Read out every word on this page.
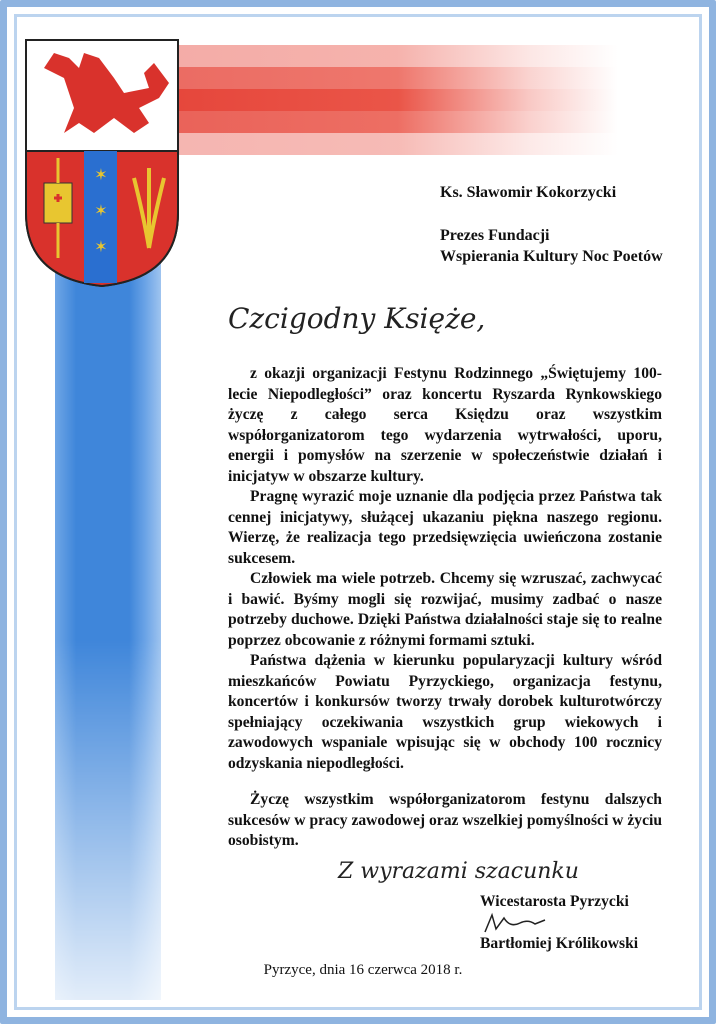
✶
✶
✶
Ks. Sławomir Kokorzycki
Prezes Fundacji
Wspierania Kultury Noc Poetów
Czcigodny Księże,

z okazji organizacji Festynu Rodzinnego „Świętujemy 100-lecie Niepodległości” oraz koncertu Ryszarda Rynkowskiego życzę z całego serca Księdzu oraz wszystkim współorganizatorom tego wydarzenia wytrwałości, uporu, energii i pomysłów na szerzenie w społeczeństwie działań i inicjatyw w obszarze kultury.

Pragnę wyrazić moje uznanie dla podjęcia przez Państwa tak cennej inicjatywy, służącej ukazaniu piękna naszego regionu. Wierzę, że realizacja tego przedsięwzięcia uwieńczona zostanie sukcesem.

Człowiek ma wiele potrzeb. Chcemy się wzruszać, zachwycać i bawić. Byśmy mogli się rozwijać, musimy zadbać o nasze potrzeby duchowe. Dzięki Państwa działalności staje się to realne poprzez obcowanie z różnymi formami sztuki.

Państwa dążenia w kierunku popularyzacji kultury wśród mieszkańców Powiatu Pyrzyckiego, organizacja festynu, koncertów i konkursów tworzy trwały dorobek kulturotwórczy spełniający oczekiwania wszystkich grup wiekowych i zawodowych wspaniale wpisując się w obchody 100 rocznicy odzyskania niepodległości.

Życzę wszystkim współorganizatorom festynu dalszych sukcesów w pracy zawodowej oraz wszelkiej pomyślności w życiu osobistym.

Z wyrazami szacunku
Wicestarosta Pyrzycki
Bartłomiej Królikowski
Pyrzyce, dnia 16 czerwca 2018 r.
